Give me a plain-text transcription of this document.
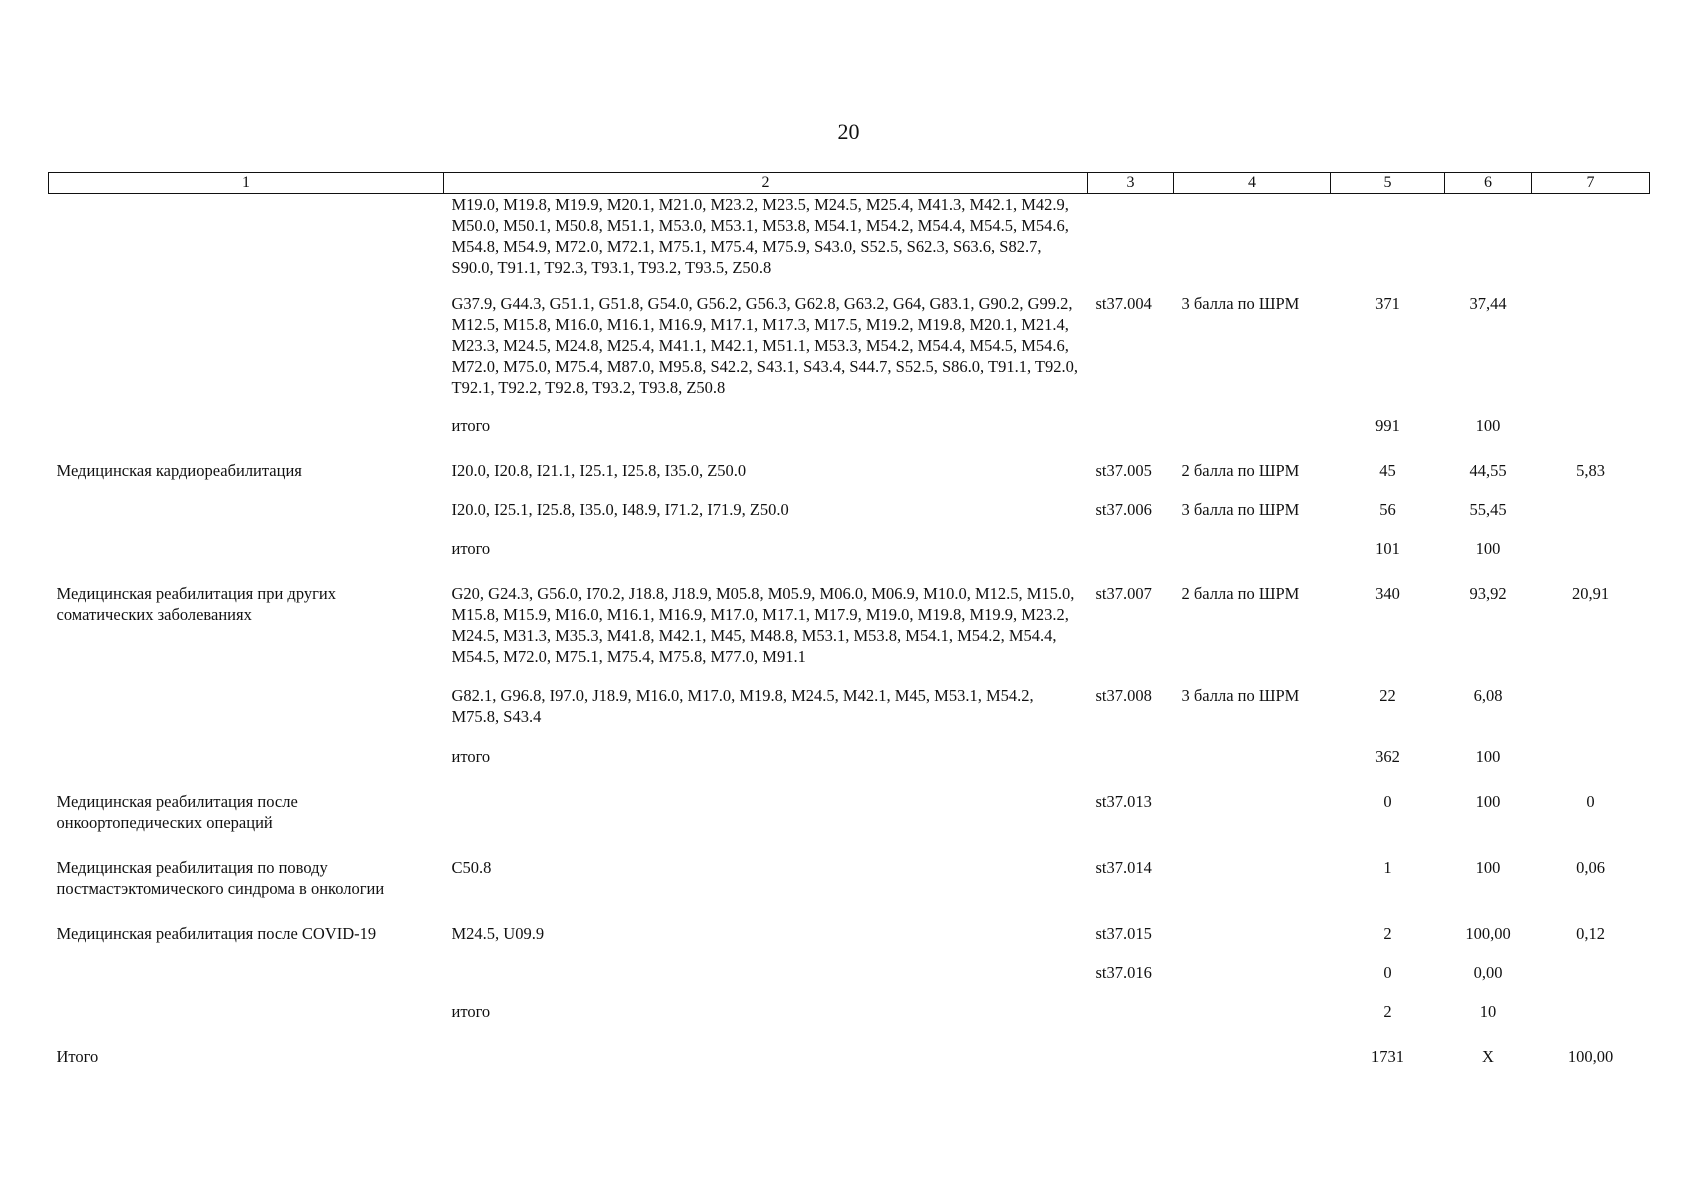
20
1	2	3	4	5	6	7
	M19.0, M19.8, M19.9, M20.1, M21.0, M23.2, M23.5, M24.5, M25.4, M41.3, M42.1, M42.9, M50.0, M50.1, M50.8, M51.1, M53.0, M53.1, M53.8, M54.1, M54.2, M54.4, M54.5, M54.6, M54.8, M54.9, M72.0, M72.1, M75.1, M75.4, M75.9, S43.0, S52.5, S62.3, S63.6, S82.7, S90.0, T91.1, T92.3, T93.1, T93.2, T93.5, Z50.8					
	G37.9, G44.3, G51.1, G51.8, G54.0, G56.2, G56.3, G62.8, G63.2, G64, G83.1, G90.2, G99.2, M12.5, M15.8, M16.0, M16.1, M16.9, M17.1, M17.3, M17.5, M19.2, M19.8, M20.1, M21.4, M23.3, M24.5, M24.8, M25.4, M41.1, M42.1, M51.1, M53.3, M54.2, M54.4, M54.5, M54.6, M72.0, M75.0, M75.4, M87.0, M95.8, S42.2, S43.1, S43.4, S44.7, S52.5, S86.0, T91.1, T92.0, T92.1, T92.2, T92.8, T93.2, T93.8, Z50.8	st37.004	3 балла по ШРМ	371	37,44	
	итого			991	100	
Медицинская кардиореабилитация	I20.0, I20.8, I21.1, I25.1, I25.8, I35.0, Z50.0	st37.005	2 балла по ШРМ	45	44,55	5,83
	I20.0, I25.1, I25.8, I35.0, I48.9, I71.2, I71.9, Z50.0	st37.006	3 балла по ШРМ	56	55,45	
	итого			101	100	
Медицинская реабилитация при других соматических заболеваниях	G20, G24.3, G56.0, I70.2, J18.8, J18.9, M05.8, M05.9, M06.0, M06.9, M10.0, M12.5, M15.0, M15.8, M15.9, M16.0, M16.1, M16.9, M17.0, M17.1, M17.9, M19.0, M19.8, M19.9, M23.2, M24.5, M31.3, M35.3, M41.8, M42.1, M45, M48.8, M53.1, M53.8, M54.1, M54.2, M54.4, M54.5, M72.0, M75.1, M75.4, M75.8, M77.0, M91.1	st37.007	2 балла по ШРМ	340	93,92	20,91
	G82.1, G96.8, I97.0, J18.9, M16.0, M17.0, M19.8, M24.5, M42.1, M45, M53.1, M54.2, M75.8, S43.4	st37.008	3 балла по ШРМ	22	6,08	
	итого			362	100	
Медицинская реабилитация после онкоортопедических операций		st37.013		0	100	0
Медицинская реабилитация по поводу постмастэктомического синдрома в онкологии	C50.8	st37.014		1	100	0,06
Медицинская реабилитация после COVID-19	M24.5, U09.9	st37.015		2	100,00	0,12
		st37.016		0	0,00	
	итого			2	10	
Итого				1731	X	100,00
